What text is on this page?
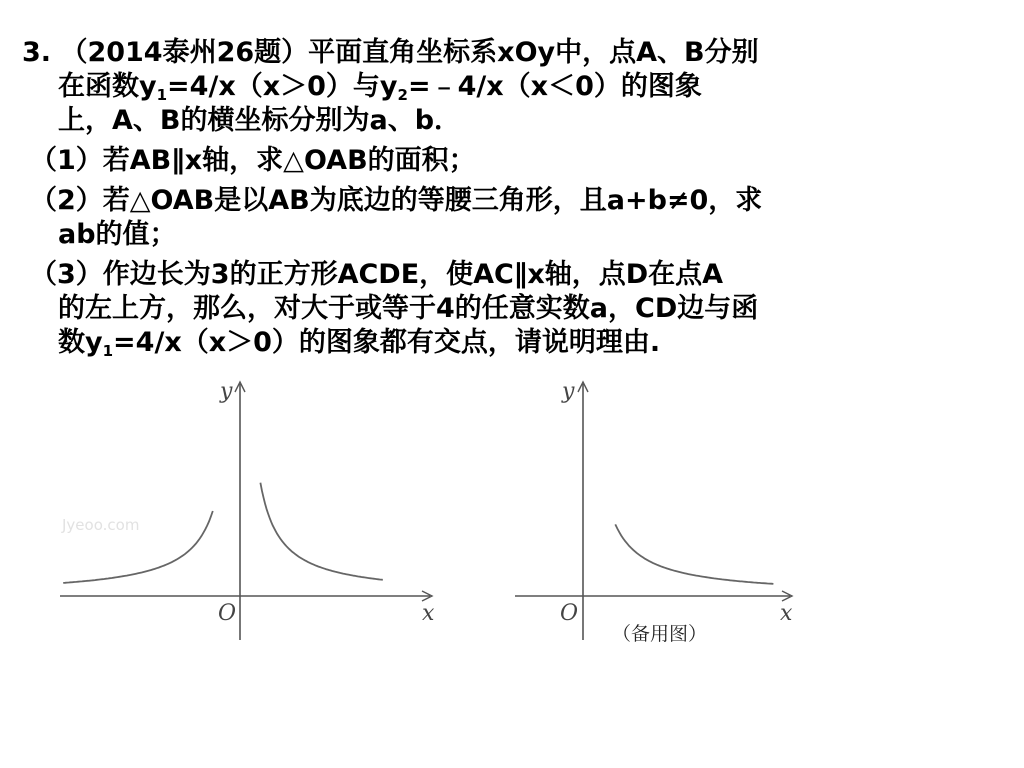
3. （2014泰州26题）平面直角坐标系xOy中，点A、B分别
在函数$y_1=4/x(x>0)$与$y_2=﹣4/x(x<0)$的图象
上，A、B的横坐标分别为a、b．
（1）若AB∥x轴，求△OAB的面积；
（2）若△OAB是以AB为底边的等腰三角形，且a+b≠0，求
ab的值；
（3）作边长为3的正方形ACDE，使AC∥x轴，点D在点A
的左上方，那么，对大于或等于4的任意实数a，CD边与函
数$y_1=4/x(x>0)$的图象都有交点，请说明理由.
Jyeoo.com
y
x
O
y
x
O
（备用图）
